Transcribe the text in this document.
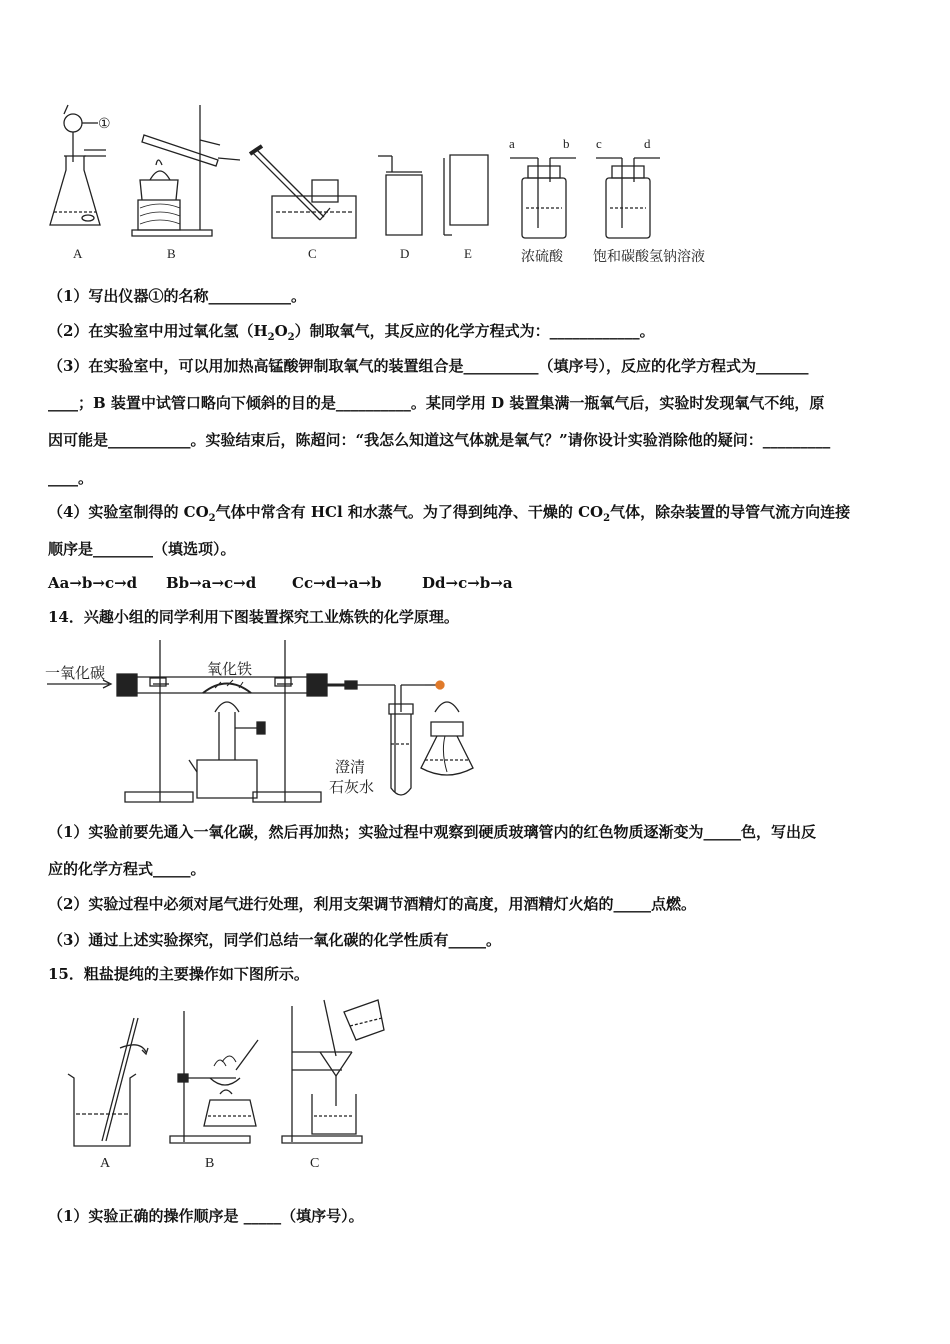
①
A	B	C	D	E
a	b c	d
浓硫酸 饱和碳酸氢钠溶液
（1）写出仪器①的名称___________。
（2）在实验室中用过氧化氢$(H_2O_2)$制取氧气，其反应的化学方程式为：____________。
（3）在实验室中，可以用加热高锰酸钾制取氧气的装置组合是__________（填序号），反应的化学方程式为_______
____；B 装置中试管口略向下倾斜的目的是__________。某同学用 D 装置集满一瓶氧气后，实验时发现氧气不纯，原
因可能是___________。实验结束后，陈超问：“我怎么知道这气体就是氧气？”请你设计实验消除他的疑问：_________
____。
（4）实验室制得的 $CO_2$气体中常含有 HCl 和水蒸气。为了得到纯净、干燥的 $CO_2$气体，除杂装置的导管气流方向连接
顺序是________（填选项）。
Aa→b→c→d Bb→a→c→d Cc→d→a→b	Dd→c→b→a
14．兴趣小组的同学利用下图装置探究工业炼铁的化学原理。
一氧化碳	氧化铁
澄清
石灰水
（1）实验前要先通入一氧化碳，然后再加热；实验过程中观察到硬质玻璃管内的红色物质逐渐变为_____色，写出反
应的化学方程式_____。
（2）实验过程中必须对尾气进行处理，利用支架调节酒精灯的高度，用酒精灯火焰的_____点燃。
（3）通过上述实验探究，同学们总结一氧化碳的化学性质有_____。
15．粗盐提纯的主要操作如下图所示。
A	B	C
（1）实验正确的操作顺序是 _____（填序号）。
